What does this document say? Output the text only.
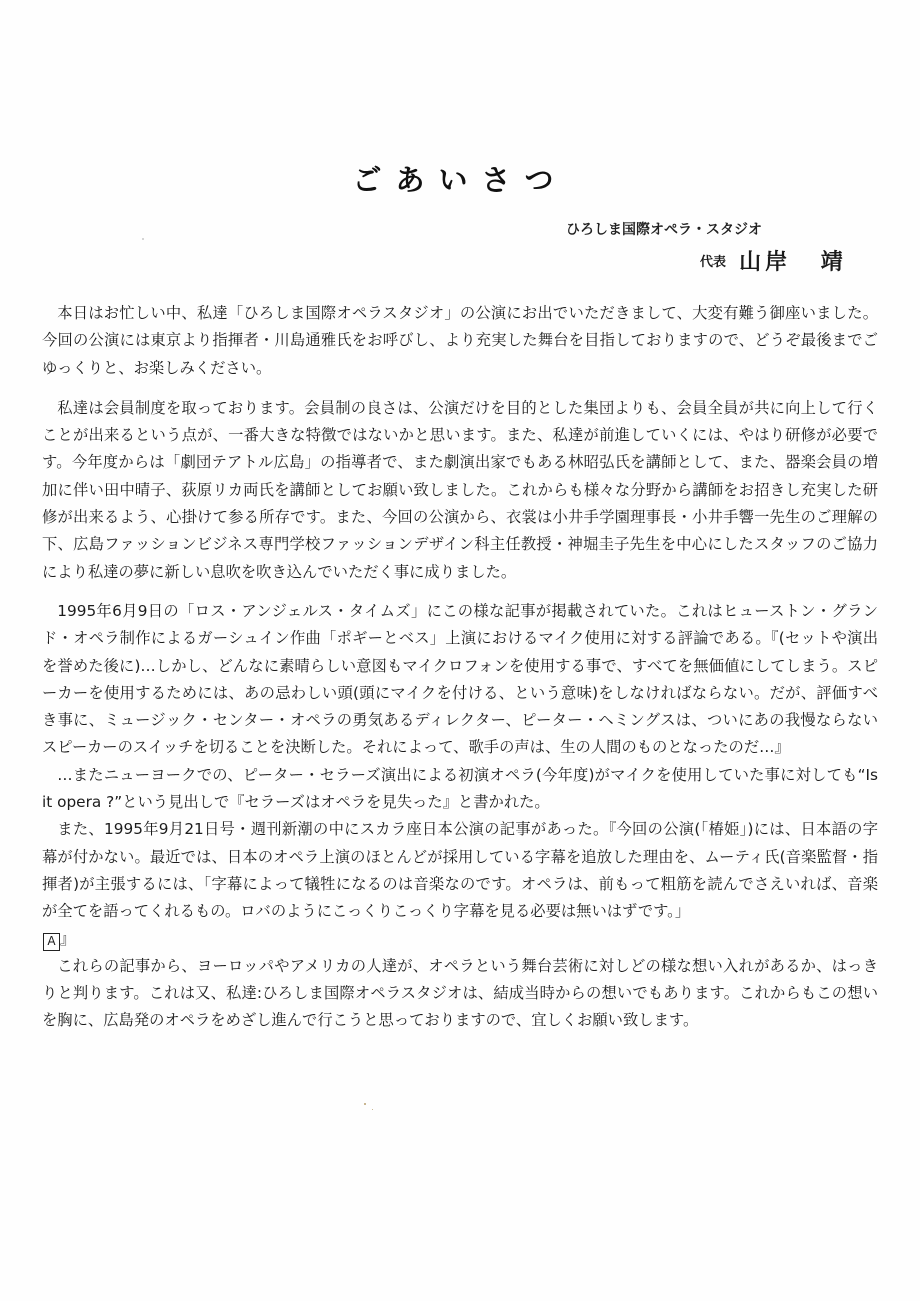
ごあいさつ
ひろしま国際オペラ・スタジオ
代表 山岸 靖

本日はお忙しい中、私達「ひろしま国際オペラスタジオ」の公演にお出でいただきまして、大変有難う御座いました。今回の公演には東京より指揮者・川島通雅氏をお呼びし、より充実した舞台を目指しておりますので、どうぞ最後までごゆっくりと、お楽しみください。

私達は会員制度を取っております。会員制の良さは、公演だけを目的とした集団よりも、会員全員が共に向上して行くことが出来るという点が、一番大きな特徴ではないかと思います。また、私達が前進していくには、やはり研修が必要です。今年度からは「劇団テアトル広島」の指導者で、また劇演出家でもある林昭弘氏を講師として、また、器楽会員の増加に伴い田中晴子、荻原リカ両氏を講師としてお願い致しました。これからも様々な分野から講師をお招きし充実した研修が出来るよう、心掛けて参る所存です。また、今回の公演から、衣裳は小井手学園理事長・小井手響一先生のご理解の下、広島ファッションビジネス専門学校ファッションデザイン科主任教授・神堀圭子先生を中心にしたスタッフのご協力により私達の夢に新しい息吹を吹き込んでいただく事に成りました。

1995年6月9日の「ロス・アンジェルス・タイムズ」にこの様な記事が掲載されていた。これはヒューストン・グランド・オペラ制作によるガーシュイン作曲「ポギーとベス」上演におけるマイク使用に対する評論である。『(セットや演出を誉めた後に)…しかし、どんなに素晴らしい意図もマイクロフォンを使用する事で、すべてを無価値にしてしまう。スピーカーを使用するためには、あの忌わしい頭(頭にマイクを付ける、という意味)をしなければならない。だが、評価すべき事に、ミュージック・センター・オペラの勇気あるディレクター、ピーター・ヘミングスは、ついにあの我慢ならないスピーカーのスイッチを切ることを決断した。それによって、歌手の声は、生の人間のものとなったのだ…』

…またニューヨークでの、ピーター・セラーズ演出による初演オペラ(今年度)がマイクを使用していた事に対しても“Is it opera ?”という見出しで『セラーズはオペラを見失った』と書かれた。

また、1995年9月21日号・週刊新潮の中にスカラ座日本公演の記事があった。『今回の公演(「椿姫」)には、日本語の字幕が付かない。最近では、日本のオペラ上演のほとんどが採用している字幕を追放した理由を、ムーティ氏(音楽監督・指揮者)が主張するには、「字幕によって犠牲になるのは音楽なのです。オペラは、前もって粗筋を読んでさえいれば、音楽が全てを語ってくれるもの。ロバのようにこっくりこっくり字幕を見る必要は無いはずです。」
A 』

これらの記事から、ヨーロッパやアメリカの人達が、オペラという舞台芸術に対しどの様な想い入れがあるか、はっきりと判ります。これは又、私達:ひろしま国際オペラスタジオは、結成当時からの想いでもあります。これからもこの想いを胸に、広島発のオペラをめざし進んで行こうと思っておりますので、宜しくお願い致します。
